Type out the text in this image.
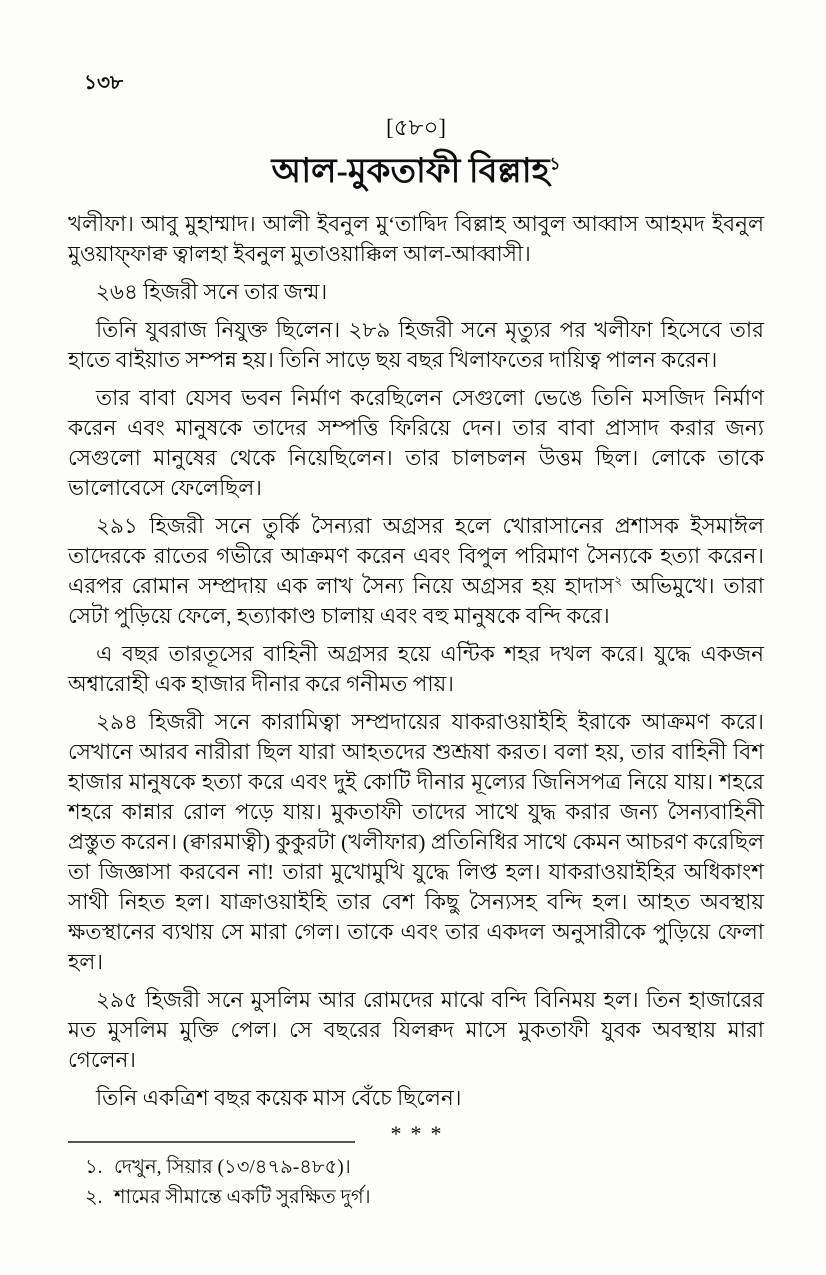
১৩৮
[৫৮০]
আল-মুকতাফী বিল্লাহ$^১$

খলীফা। আবু মুহাম্মাদ। আলী ইবনুল মু‘তাদ্বিদ বিল্লাহ আবুল আব্বাস আহমদ ইবনুল মুওয়াফ্ফাক্ব ত্বালহা ইবনুল মুতাওয়াক্কিল আল-আব্বাসী।

২৬৪ হিজরী সনে তার জন্ম।

তিনি যুবরাজ নিযুক্ত ছিলেন। ২৮৯ হিজরী সনে মৃত্যুর পর খলীফা হিসেবে তার হাতে বাইয়াত সম্পন্ন হয়। তিনি সাড়ে ছয় বছর খিলাফতের দায়িত্ব পালন করেন।

তার বাবা যেসব ভবন নির্মাণ করেছিলেন সেগুলো ভেঙে তিনি মসজিদ নির্মাণ করেন এবং মানুষকে তাদের সম্পত্তি ফিরিয়ে দেন। তার বাবা প্রাসাদ করার জন্য সেগুলো মানুষের থেকে নিয়েছিলেন। তার চালচলন উত্তম ছিল। লোকে তাকে ভালোবেসে ফেলেছিল।

২৯১ হিজরী সনে তুর্কি সৈন্যরা অগ্রসর হলে খোরাসানের প্রশাসক ইসমাঈল তাদেরকে রাতের গভীরে আক্রমণ করেন এবং বিপুল পরিমাণ সৈন্যকে হত্যা করেন। এরপর রোমান সম্প্রদায় এক লাখ সৈন্য নিয়ে অগ্রসর হয় হাদাস$^২$ অভিমুখে। তারা সেটা পুড়িয়ে ফেলে, হত্যাকাণ্ড চালায় এবং বহু মানুষকে বন্দি করে।

এ বছর তারতূসের বাহিনী অগ্রসর হয়ে এন্টিক শহর দখল করে। যুদ্ধে একজন অশ্বারোহী এক হাজার দীনার করে গনীমত পায়।

২৯৪ হিজরী সনে কারামিত্বা সম্প্রদায়ের যাকরাওয়াইহি ইরাকে আক্রমণ করে। সেখানে আরব নারীরা ছিল যারা আহতদের শুশ্রূষা করত। বলা হয়, তার বাহিনী বিশ হাজার মানুষকে হত্যা করে এবং দুই কোটি দীনার মূল্যের জিনিসপত্র নিয়ে যায়। শহরে শহরে কান্নার রোল পড়ে যায়। মুকতাফী তাদের সাথে যুদ্ধ করার জন্য সৈন্যবাহিনী প্রস্তুত করেন। (ক্বারমাত্বী) কুকুরটা (খলীফার) প্রতিনিধির সাথে কেমন আচরণ করেছিল তা জিজ্ঞাসা করবেন না! তারা মুখোমুখি যুদ্ধে লিপ্ত হল। যাকরাওয়াইহির অধিকাংশ সাথী নিহত হল। যাক্রাওয়াইহি তার বেশ কিছু সৈন্যসহ বন্দি হল। আহত অবস্থায় ক্ষতস্থানের ব্যথায় সে মারা গেল। তাকে এবং তার একদল অনুসারীকে পুড়িয়ে ফেলা হল।

২৯৫ হিজরী সনে মুসলিম আর রোমদের মাঝে বন্দি বিনিময় হল। তিন হাজারের মত মুসলিম মুক্তি পেল। সে বছরের যিলক্বদ মাসে মুকতাফী যুবক অবস্থায় মারা গেলেন।

তিনি একত্রিশ বছর কয়েক মাস বেঁচে ছিলেন।

***
১. দেখুন, সিয়ার (১৩/৪৭৯-৪৮৫)।
২. শামের সীমান্তে একটি সুরক্ষিত দুর্গ।
